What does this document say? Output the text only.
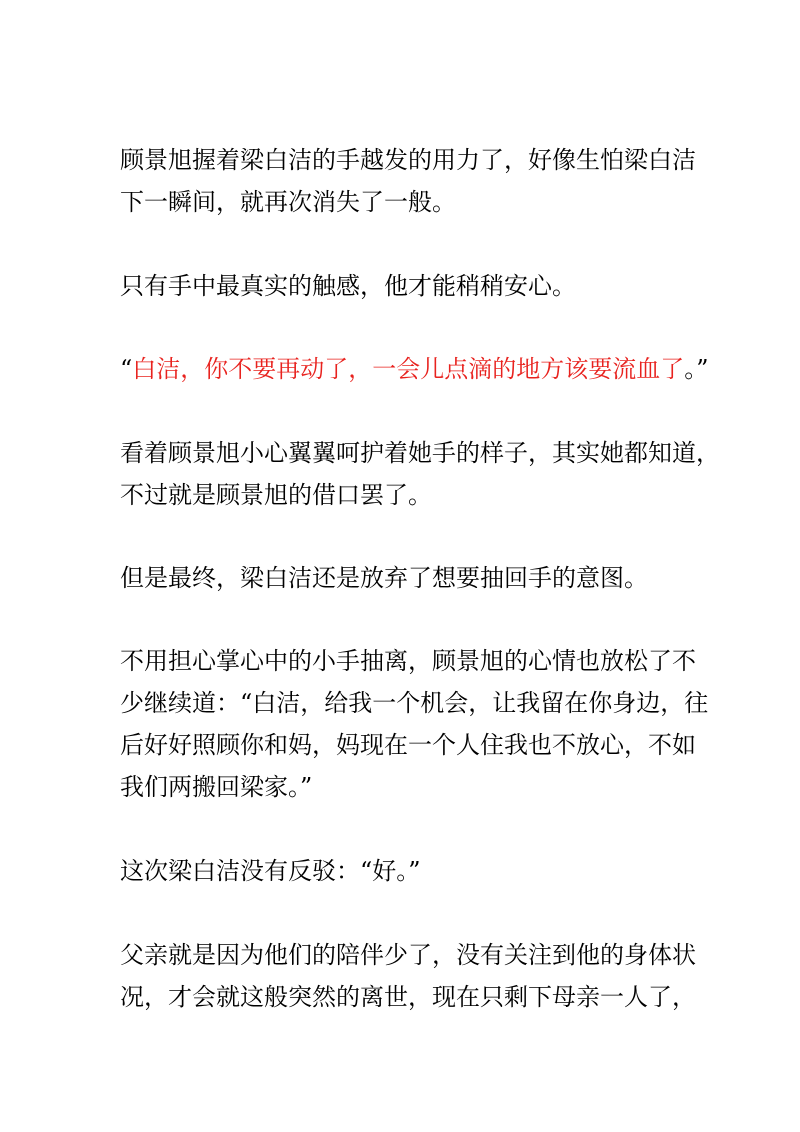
顾景旭握着梁白洁的手越发的用力了，好像生怕梁白洁
下一瞬间，就再次消失了一般。

只有手中最真实的触感，他才能稍稍安心。

“白洁，你不要再动了，一会儿点滴的地方该要流血了。”

看着顾景旭小心翼翼呵护着她手的样子，其实她都知道，
不过就是顾景旭的借口罢了。

但是最终，梁白洁还是放弃了想要抽回手的意图。

不用担心掌心中的小手抽离，顾景旭的心情也放松了不
少继续道：“白洁，给我一个机会，让我留在你身边，往
后好好照顾你和妈，妈现在一个人住我也不放心，不如
我们两搬回梁家。”

这次梁白洁没有反驳：“好。”

父亲就是因为他们的陪伴少了，没有关注到他的身体状
况，才会就这般突然的离世，现在只剩下母亲一人了，
